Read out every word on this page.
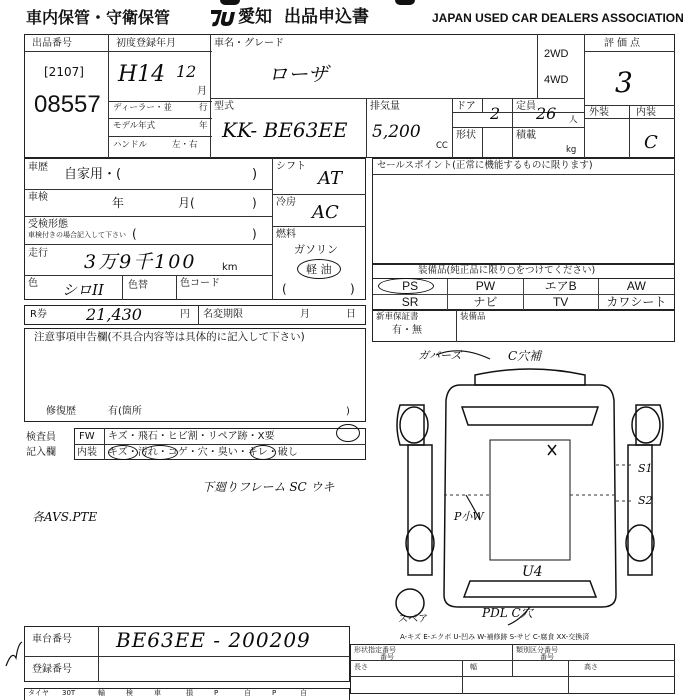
車内保管・守衛保管	愛知 出品申込書	JAPAN USED CAR DEALERS ASSOCIATION
出品番号
[2107]
08557
初度登録年月
H14 12
月
ディーラー・並	行
モデル年式	年
ハンドル	左・右
車名・グレード
ローザ
2WD
4WD
型式
KK- BE63EE
排気量
5,200
CC
ドア 2 定員 26 人
形状	積載
kg
評価点
3
外装	内装
C
車歴 自家用・(	)
車検	年	月(	)
受検形態
車検付きの場合記入して下さい (	)
走行 3万9千100	km
色 シロII 色替	色コード
シフト
AT
冷房 AC
燃料
ガソリン
軽 油
(	)
セールスポイント(正常に機能するものに限ります)
装備品(純正品に限り○をつけてください)
PS	PW	エアB	AW
SR	ナビ	TV	カワシート
R券 21,430	円 名変期限	月	日 新車保証書
有・無
装備品
注意事項申告欄(不具合内容等は具体的に記入して下さい)
修復歴	有(箇所	)
検査員
記入欄
FW キズ・飛石・ヒビ割・リペア跡・X要
内装 キズ・汚れ・コゲ・穴・臭い・キレ・破し
下廻りフレーム SC ウキ
各AVS.PTE
ガバーズ	C穴補
S1
S2
P小W
U4
PDL C穴
スペア
A-キズ E-エクボ U-凹み W-補修跡 S-サビ C-腐食 XX-交換済
形状指定番号
番号
類別区分番号
番号
長さ	幅	高さ
車台番号 BE63EE - 200209
登録番号
タイヤ 30T	輸	検	車	損	P	自	P	自
